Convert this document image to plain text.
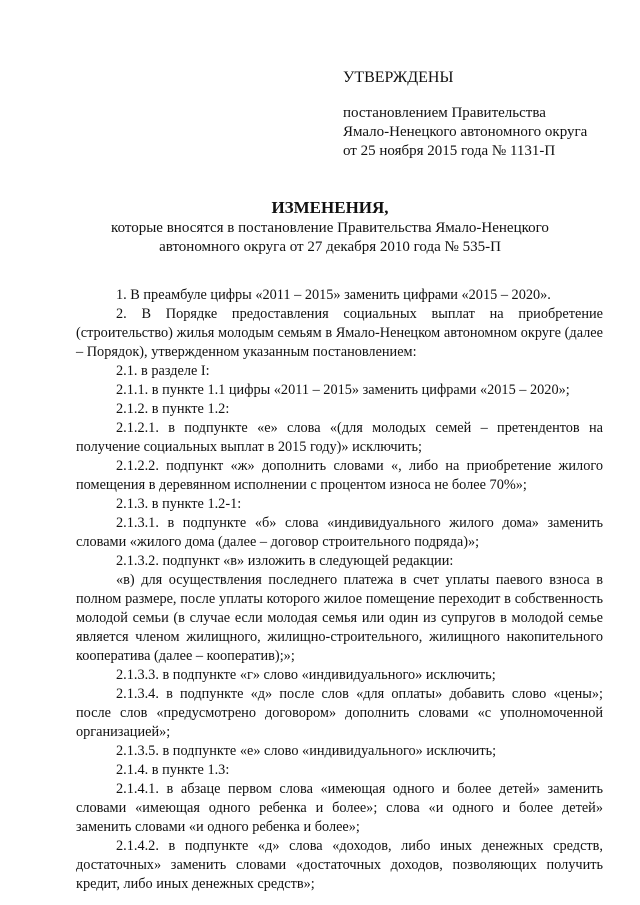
УТВЕРЖДЕНЫ
постановлением Правительства
Ямало-Ненецкого автономного округа
от 25 ноября 2015 года № 1131-П
ИЗМЕНЕНИЯ,
которые вносятся в постановление Правительства Ямало-Ненецкого
автономного округа от 27 декабря 2010 года № 535-П

1. В преамбуле цифры «2011 – 2015» заменить цифрами «2015 – 2020».

2. В Порядке предоставления социальных выплат на приобретение (строительство) жилья молодым семьям в Ямало-Ненецком автономном округе (далее – Порядок), утвержденном указанным постановлением:

2.1. в разделе I:

2.1.1. в пункте 1.1 цифры «2011 – 2015» заменить цифрами «2015 – 2020»;

2.1.2. в пункте 1.2:

2.1.2.1. в подпункте «е» слова «(для молодых семей – претендентов на получение социальных выплат в 2015 году)» исключить;

2.1.2.2. подпункт «ж» дополнить словами «, либо на приобретение жилого помещения в деревянном исполнении с процентом износа не более 70%»;

2.1.3. в пункте 1.2-1:

2.1.3.1. в подпункте «б» слова «индивидуального жилого дома» заменить словами «жилого дома (далее – договор строительного подряда)»;

2.1.3.2. подпункт «в» изложить в следующей редакции:

«в) для осуществления последнего платежа в счет уплаты паевого взноса в полном размере, после уплаты которого жилое помещение переходит в собственность молодой семьи (в случае если молодая семья или один из супругов в молодой семье является членом жилищного, жилищно-строительного, жилищного накопительного кооператива (далее – кооператив);»;

2.1.3.3. в подпункте «г» слово «индивидуального» исключить;

2.1.3.4. в подпункте «д» после слов «для оплаты» добавить слово «цены»; после слов «предусмотрено договором» дополнить словами «с уполномоченной организацией»;

2.1.3.5. в подпункте «е» слово «индивидуального» исключить;

2.1.4. в пункте 1.3:

2.1.4.1. в абзаце первом слова «имеющая одного и более детей» заменить словами «имеющая одного ребенка и более»; слова «и одного и более детей» заменить словами «и одного ребенка и более»;

2.1.4.2. в подпункте «д» слова «доходов, либо иных денежных средств, достаточных» заменить словами «достаточных доходов, позволяющих получить кредит, либо иных денежных средств»;
